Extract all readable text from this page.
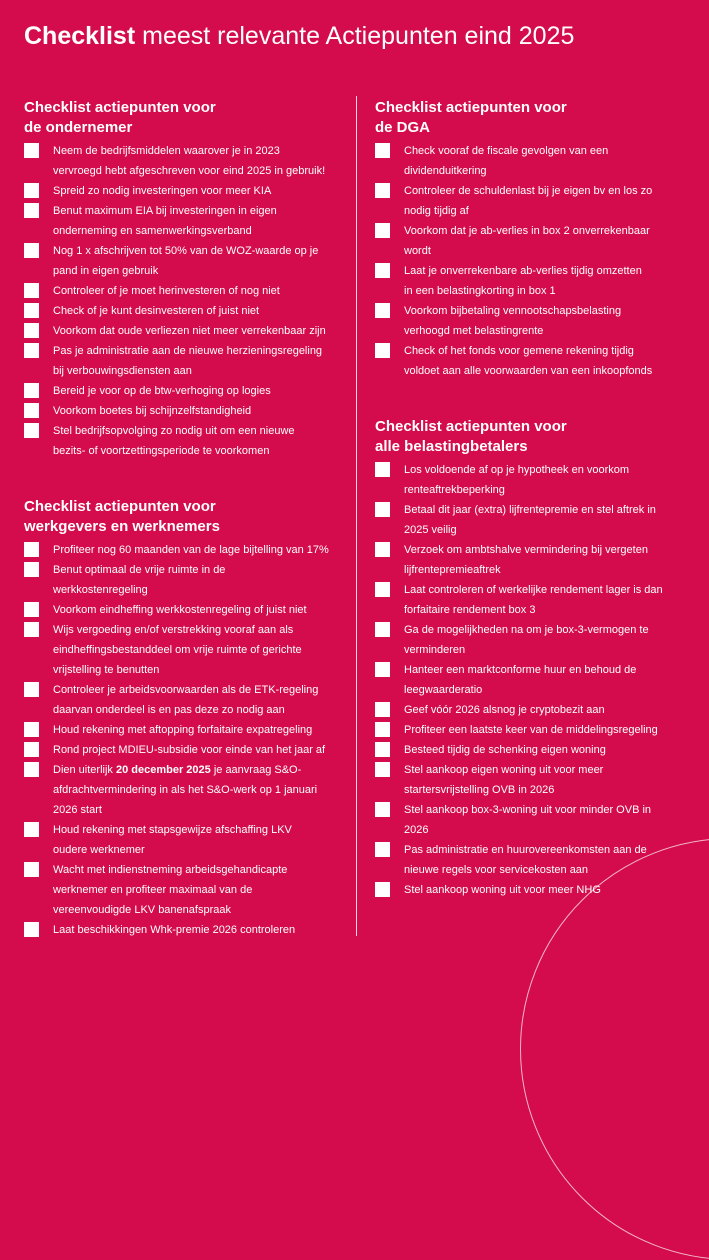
Checklist meest relevante Actiepunten eind 2025
Checklist actiepunten voor
de ondernemer
Neem de bedrijfsmiddelen waarover je in 2023
vervroegd hebt afgeschreven voor eind 2025 in gebruik!
Spreid zo nodig investeringen voor meer KIA
Benut maximum EIA bij investeringen in eigen
onderneming en samenwerkingsverband
Nog 1 x afschrijven tot 50% van de WOZ-waarde op je
pand in eigen gebruik
Controleer of je moet herinvesteren of nog niet
Check of je kunt desinvesteren of juist niet
Voorkom dat oude verliezen niet meer verrekenbaar zijn
Pas je administratie aan de nieuwe herzieningsregeling
bij verbouwingsdiensten aan
Bereid je voor op de btw-verhoging op logies
Voorkom boetes bij schijnzelfstandigheid
Stel bedrijfsopvolging zo nodig uit om een nieuwe
bezits- of voortzettingsperiode te voorkomen
Checklist actiepunten voor
werkgevers en werknemers
Profiteer nog 60 maanden van de lage bijtelling van 17%
Benut optimaal de vrije ruimte in de
werkkostenregeling
Voorkom eindheffing werkkostenregeling of juist niet
Wijs vergoeding en/of verstrekking vooraf aan als
eindheffingsbestanddeel om vrije ruimte of gerichte
vrijstelling te benutten
Controleer je arbeidsvoorwaarden als de ETK-regeling
daarvan onderdeel is en pas deze zo nodig aan
Houd rekening met aftopping forfaitaire expatregeling
Rond project MDIEU-subsidie voor einde van het jaar af
Dien uiterlijk 20 december 2025 je aanvraag S&O-
afdrachtvermindering in als het S&O-werk op 1 januari
2026 start
Houd rekening met stapsgewijze afschaffing LKV
oudere werknemer
Wacht met indienstneming arbeidsgehandicapte
werknemer en profiteer maximaal van de
vereenvoudigde LKV banenafspraak
Laat beschikkingen Whk-premie 2026 controleren
Checklist actiepunten voor
de DGA
Check vooraf de fiscale gevolgen van een
dividenduitkering
Controleer de schuldenlast bij je eigen bv en los zo
nodig tijdig af
Voorkom dat je ab-verlies in box 2 onverrekenbaar
wordt
Laat je onverrekenbare ab-verlies tijdig omzetten
in een belastingkorting in box 1
Voorkom bijbetaling vennootschapsbelasting
verhoogd met belastingrente
Check of het fonds voor gemene rekening tijdig
voldoet aan alle voorwaarden van een inkoopfonds
Checklist actiepunten voor
alle belastingbetalers
Los voldoende af op je hypotheek en voorkom
renteaftrekbeperking
Betaal dit jaar (extra) lijfrentepremie en stel aftrek in
2025 veilig
Verzoek om ambtshalve vermindering bij vergeten
lijfrentepremieaftrek
Laat controleren of werkelijke rendement lager is dan
forfaitaire rendement box 3
Ga de mogelijkheden na om je box-3-vermogen te
verminderen
Hanteer een marktconforme huur en behoud de
leegwaarderatio
Geef vóór 2026 alsnog je cryptobezit aan
Profiteer een laatste keer van de middelingsregeling
Besteed tijdig de schenking eigen woning
Stel aankoop eigen woning uit voor meer
startersvrijstelling OVB in 2026
Stel aankoop box-3-woning uit voor minder OVB in
2026
Pas administratie en huurovereenkomsten aan de
nieuwe regels voor servicekosten aan
Stel aankoop woning uit voor meer NHG
